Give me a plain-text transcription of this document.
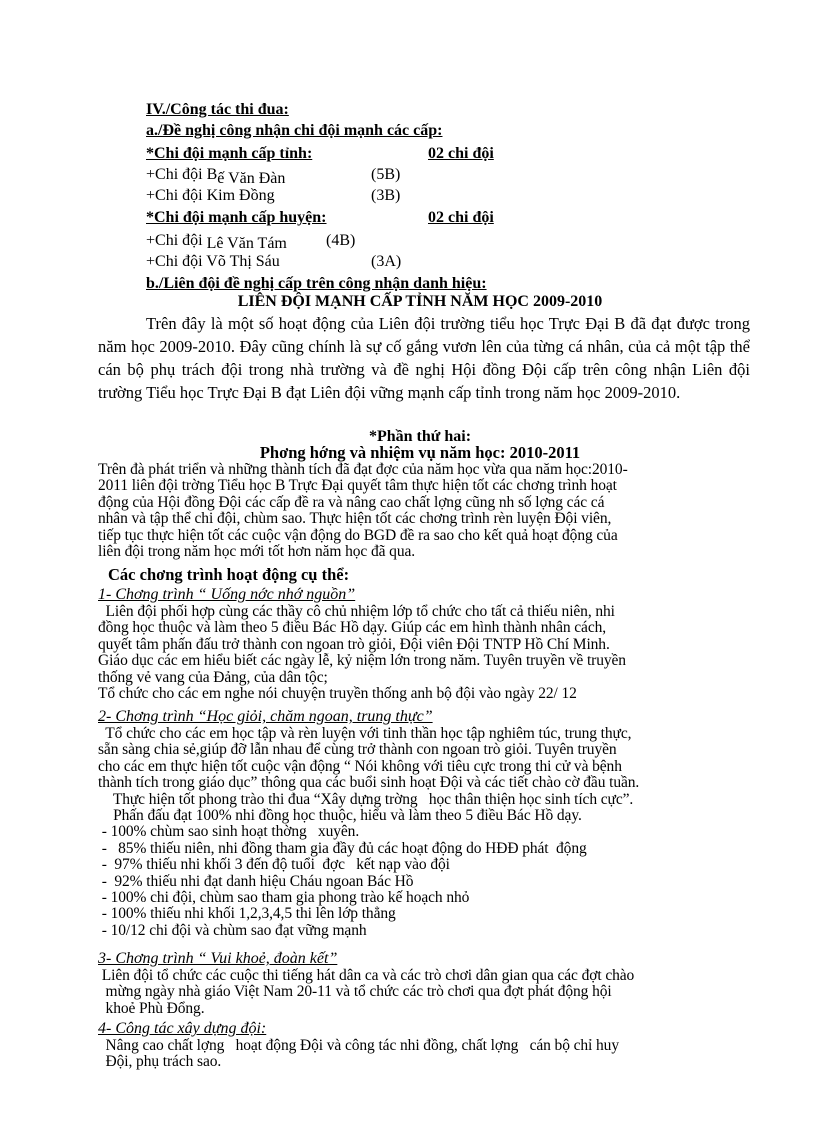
IV./Công tác thi đua:
a./Đề nghị công nhận chi đội mạnh các cấp:
*Chi đội mạnh cấp tỉnh:	02 chi đội
+Chi đội Bế Văn Đàn	(5B)
+Chi đội Kim Đồng	(3B)
*Chi đội mạnh cấp huyện:	02 chi đội
+Chi đội Lê Văn Tám (4B)
+Chi đội Võ Thị Sáu	(3A)
b./Liên đội đề nghị cấp trên công nhận danh hiệu:
LIÊN ĐỘI MẠNH CẤP TỈNH NĂM HỌC 2009-2010
Trên đây là một số hoạt động của Liên đội trường tiểu học Trực Đại B đã đạt được trong năm học 2009-2010. Đây cũng chính là sự cố gắng vươn lên của từng cá nhân, của cả một tập thể cán bộ phụ trách đội trong nhà trường và đề nghị Hội đồng Đội cấp trên công nhận Liên đội trường Tiểu học Trực Đại B đạt Liên đội vững mạnh cấp tỉnh trong năm học 2009-2010.
*Phần thứ hai:
Phơng hớng và nhiệm vụ năm học: 2010-2011
Trên đà phát triển và những thành tích đã đạt đợc của năm học vừa qua năm học:2010-
2011 liên đội trờng Tiểu học B Trực Đại quyết tâm thực hiện tốt các chơng trình hoạt
động của Hội đồng Đội các cấp đề ra và nâng cao chất lợng cũng nh số lợng các cá
nhân và tập thể chi đội, chùm sao. Thực hiện tốt các chơng trình rèn luyện Đội viên,
tiếp tục thực hiện tốt các cuộc vận động do BGD đề ra sao cho kết quả hoạt động của
liên đội trong năm học mới tốt hơn năm học đã qua.
Các chơng trình hoạt động cụ thể:
1- Chơng trình “ Uống nớc nhớ nguồn”
Liên đội phối hợp cùng các thầy cô chủ nhiệm lớp tổ chức cho tất cả thiếu niên, nhi
đồng học thuộc và làm theo 5 điều Bác Hồ dạy. Giúp các em hình thành nhân cách,
quyết tâm phấn đấu trở thành con ngoan trò giỏi, Đội viên Đội TNTP Hồ Chí Minh.
Giáo dục các em hiểu biết các ngày lễ, kỷ niệm lớn trong năm. Tuyên truyền về truyền
thống vẻ vang của Đảng, của dân tộc;
Tổ chức cho các em nghe nói chuyện truyền thống anh bộ đội vào ngày 22/ 12
2- Chơng trình “Học giỏi, chăm ngoan, trung thực”
Tổ chức cho các em học tập và rèn luyện với tinh thần học tập nghiêm túc, trung thực,
sẵn sàng chia sẻ,giúp đỡ lẫn nhau để cùng trở thành con ngoan trò giỏi. Tuyên truyền
cho các em thực hiện tốt cuộc vận động “ Nói không với tiêu cực trong thi cử và bệnh
thành tích trong giáo dục” thông qua các buổi sinh hoạt Đội và các tiết chào cờ đầu tuần.
Thực hiện tốt phong trào thi đua “Xây dựng trờng   học thân thiện học sinh tích cực”.
Phấn đấu đạt 100% nhi đồng học thuộc, hiểu và làm theo 5 điều Bác Hồ dạy.
- 100% chùm sao sinh hoạt thờng   xuyên.
-   85% thiếu niên, nhi đồng tham gia đầy đủ các hoạt động do HĐĐ phát  động
-  97% thiếu nhi khối 3 đến độ tuổi  đợc   kết nạp vào đội
-  92% thiếu nhi đạt danh hiệu Cháu ngoan Bác Hồ
- 100% chi đội, chùm sao tham gia phong trào kế hoạch nhỏ
- 100% thiếu nhi khối 1,2,3,4,5 thi lên lớp thẳng
- 10/12 chi đội và chùm sao đạt vững mạnh
3- Chơng trình “ Vui khoẻ, đoàn kết”
Liên đội tổ chức các cuộc thi tiếng hát dân ca và các trò chơi dân gian qua các đợt chào
mừng ngày nhà giáo Việt Nam 20-11 và tổ chức các trò chơi qua đợt phát động hội
khoẻ Phù Đổng.
4- Công tác xây dựng đội:
Nâng cao chất lợng   hoạt động Đội và công tác nhi đồng, chất lợng   cán bộ chỉ huy
Đội, phụ trách sao.
